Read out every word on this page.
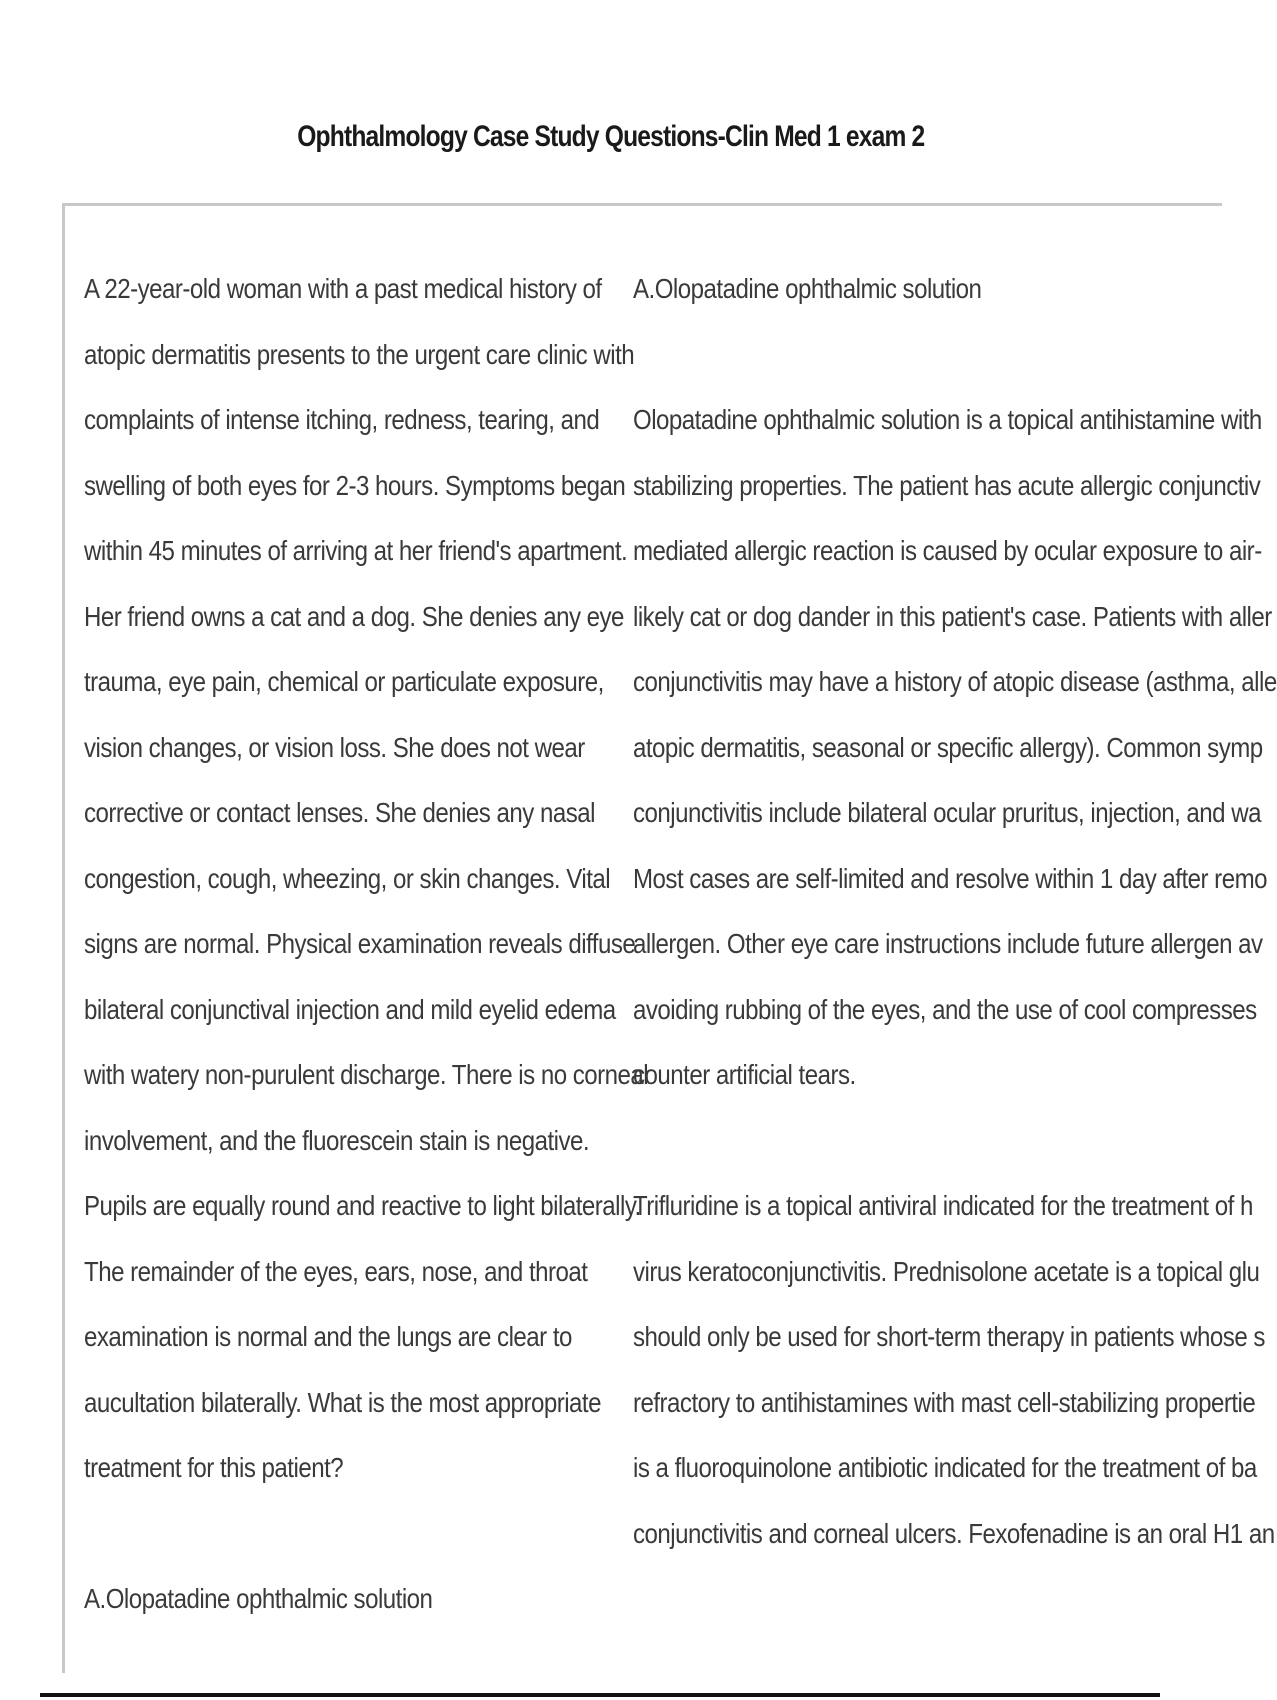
Ophthalmology Case Study Questions-Clin Med 1 exam 2
A 22-year-old woman with a past medical history of
atopic dermatitis presents to the urgent care clinic with
complaints of intense itching, redness, tearing, and
swelling of both eyes for 2-3 hours. Symptoms began
within 45 minutes of arriving at her friend's apartment.
Her friend owns a cat and a dog. She denies any eye
trauma, eye pain, chemical or particulate exposure,
vision changes, or vision loss. She does not wear
corrective or contact lenses. She denies any nasal
congestion, cough, wheezing, or skin changes. Vital
signs are normal. Physical examination reveals diffuse
bilateral conjunctival injection and mild eyelid edema
with watery non-purulent discharge. There is no corneal
involvement, and the fluorescein stain is negative.
Pupils are equally round and reactive to light bilaterally.
The remainder of the eyes, ears, nose, and throat
examination is normal and the lungs are clear to
aucultation bilaterally. What is the most appropriate
treatment for this patient?
A.Olopatadine ophthalmic solution
A.Olopatadine ophthalmic solution
Olopatadine ophthalmic solution is a topical antihistamine with
stabilizing properties. The patient has acute allergic conjunctiv
mediated allergic reaction is caused by ocular exposure to air-
likely cat or dog dander in this patient's case. Patients with aller
conjunctivitis may have a history of atopic disease (asthma, alle
atopic dermatitis, seasonal or specific allergy). Common symp
conjunctivitis include bilateral ocular pruritus, injection, and wa
Most cases are self-limited and resolve within 1 day after remo
allergen. Other eye care instructions include future allergen av
avoiding rubbing of the eyes, and the use of cool compresses
counter artificial tears.
Trifluridine is a topical antiviral indicated for the treatment of h
virus keratoconjunctivitis. Prednisolone acetate is a topical glu
should only be used for short-term therapy in patients whose s
refractory to antihistamines with mast cell-stabilizing propertie
is a fluoroquinolone antibiotic indicated for the treatment of ba
conjunctivitis and corneal ulcers. Fexofenadine is an oral H1 an
